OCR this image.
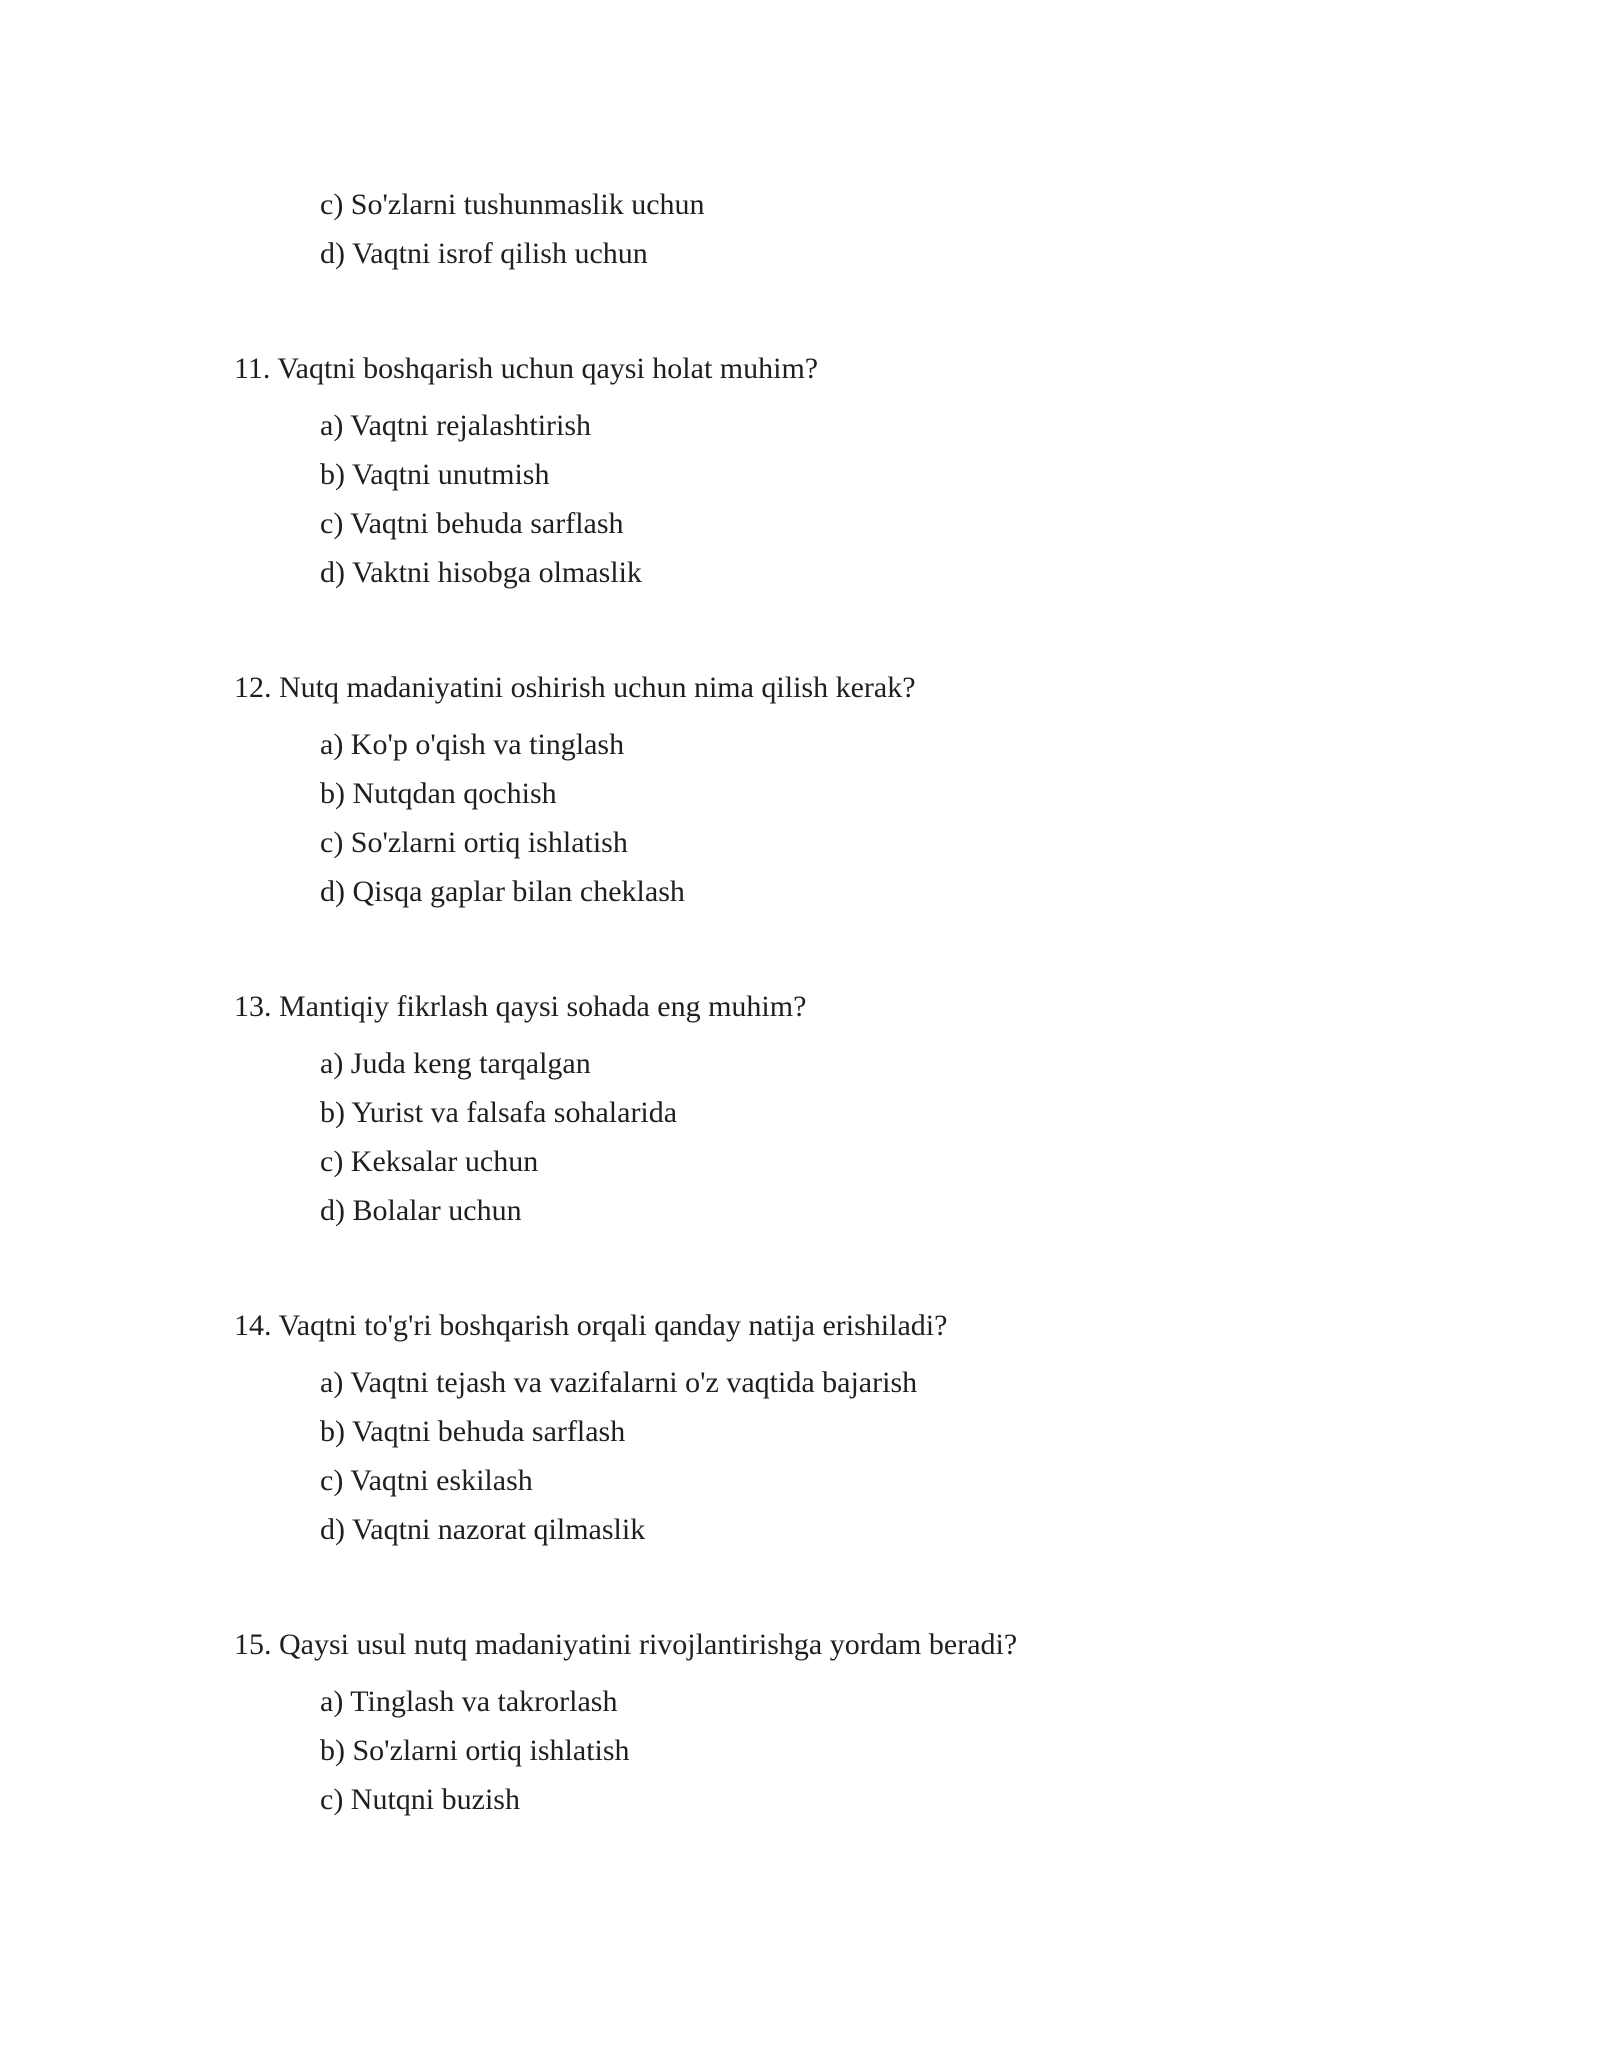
c) So'zlarni tushunmaslik uchun
d) Vaqtni isrof qilish uchun
11. Vaqtni boshqarish uchun qaysi holat muhim?
a) Vaqtni rejalashtirish
b) Vaqtni unutmish
c) Vaqtni behuda sarflash
d) Vaktni hisobga olmaslik
12. Nutq madaniyatini oshirish uchun nima qilish kerak?
a) Ko'p o'qish va tinglash
b) Nutqdan qochish
c) So'zlarni ortiq ishlatish
d) Qisqa gaplar bilan cheklash
13. Mantiqiy fikrlash qaysi sohada eng muhim?
a) Juda keng tarqalgan
b) Yurist va falsafa sohalarida
c) Keksalar uchun
d) Bolalar uchun
14. Vaqtni to'g'ri boshqarish orqali qanday natija erishiladi?
a) Vaqtni tejash va vazifalarni o'z vaqtida bajarish
b) Vaqtni behuda sarflash
c) Vaqtni eskilash
d) Vaqtni nazorat qilmaslik
15. Qaysi usul nutq madaniyatini rivojlantirishga yordam beradi?
a) Tinglash va takrorlash
b) So'zlarni ortiq ishlatish
c) Nutqni buzish
